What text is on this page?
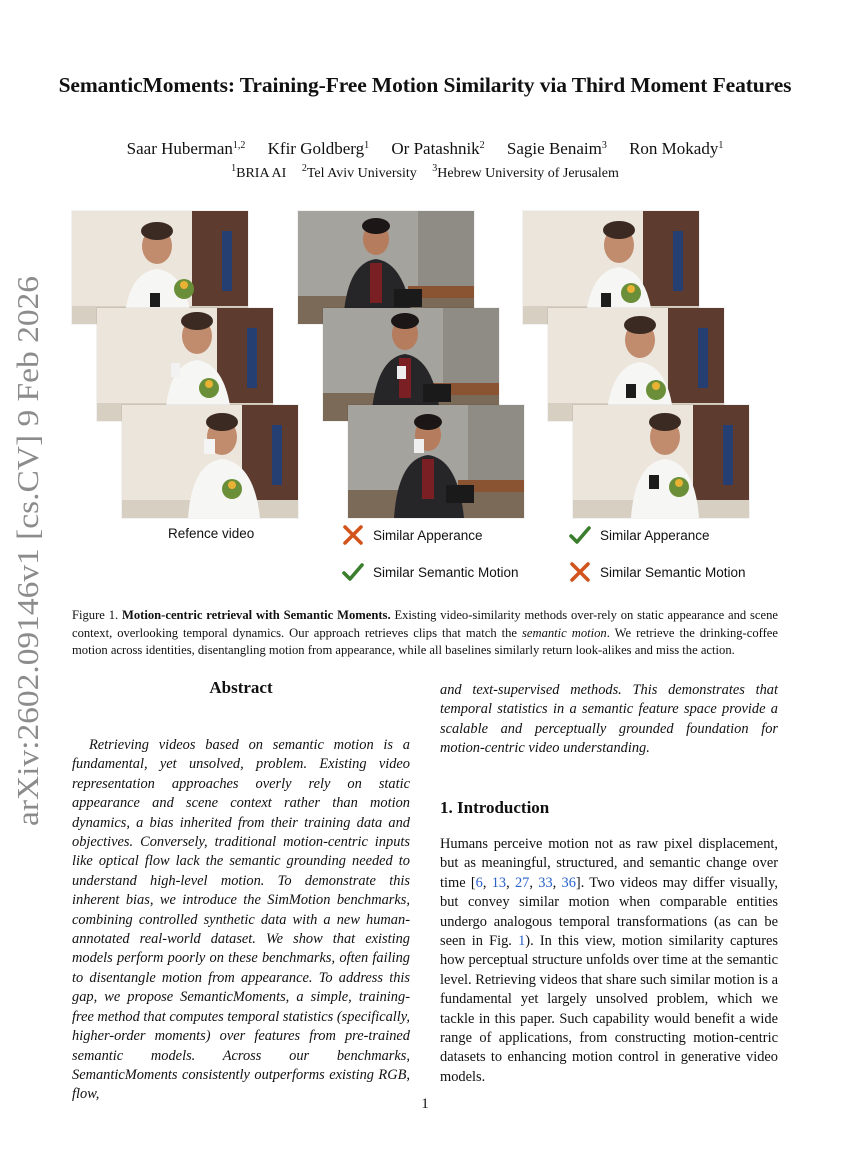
arXiv:2602.09146v1 [cs.CV] 9 Feb 2026
SemanticMoments: Training-Free Motion Similarity via Third Moment Features
Saar Huberman$^{1,2}$ Kfir Goldberg$^1$ Or Patashnik$^2$ Sagie Benaim$^3$ Ron Mokady$^1$
$^1$BRIA AI $^2$Tel Aviv University $^3$Hebrew University of Jerusalem
Refence video	Similar Apperance
Similar Semantic Motion
Similar Apperance
Similar Semantic Motion
Figure 1. Motion-centric retrieval with Semantic Moments. Existing video-similarity methods over-rely on static appearance and scene context, overlooking temporal dynamics. Our approach retrieves clips that match the semantic motion. We retrieve the drinking-coffee motion across identities, disentangling motion from appearance, while all baselines similarly return look-alikes and miss the action.
Abstract
Retrieving videos based on semantic motion is a fundamental, yet unsolved, problem. Existing video representation approaches overly rely on static appearance and scene context rather than motion dynamics, a bias inherited from their training data and objectives. Conversely, traditional motion-centric inputs like optical flow lack the semantic grounding needed to understand high-level motion. To demonstrate this inherent bias, we introduce the SimMotion benchmarks, combining controlled synthetic data with a new human-annotated real-world dataset. We show that existing models perform poorly on these benchmarks, often failing to disentangle motion from appearance. To address this gap, we propose SemanticMoments, a simple, training-free method that computes temporal statistics (specifically, higher-order moments) over features from pre-trained semantic models. Across our benchmarks, SemanticMoments consistently outperforms existing RGB, flow,
and text-supervised methods. This demonstrates that temporal statistics in a semantic feature space provide a scalable and perceptually grounded foundation for motion-centric video understanding.
1. Introduction
Humans perceive motion not as raw pixel displacement, but as meaningful, structured, and semantic change over time [6, 13, 27, 33, 36]. Two videos may differ visually, but convey similar motion when comparable entities undergo analogous temporal transformations (as can be seen in Fig. 1). In this view, motion similarity captures how perceptual structure unfolds over time at the semantic level. Retrieving videos that share such similar motion is a fundamental yet largely unsolved problem, which we tackle in this paper. Such capability would benefit a wide range of applications, from constructing motion-centric datasets to enhancing motion control in generative video models.
1
